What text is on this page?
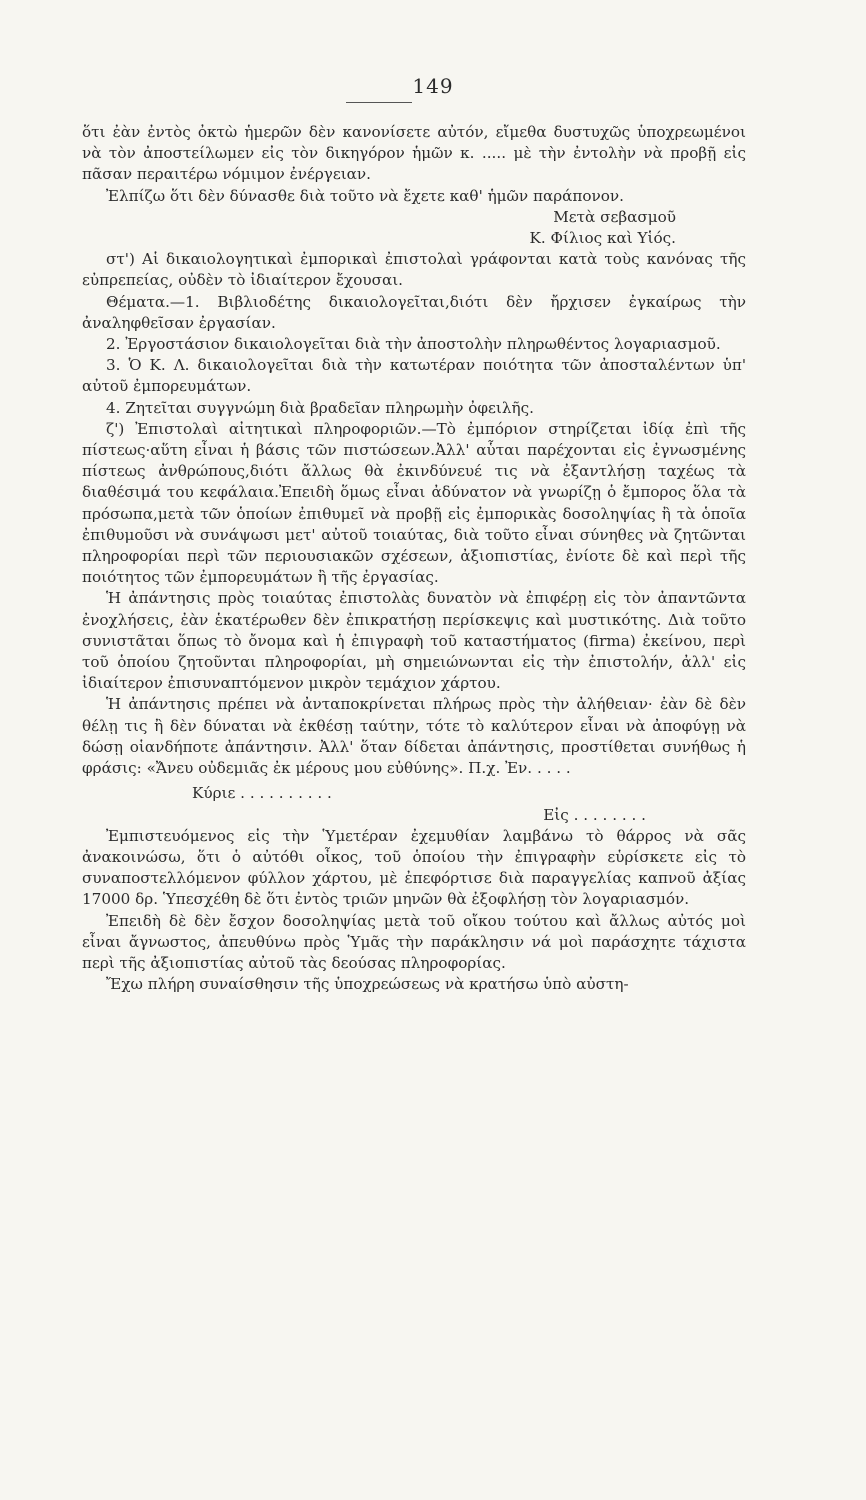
149

ὅτι ἐὰν ἐντὸς ὀκτὼ ἡμερῶν δὲν κανονίσετε αὐτόν, εἴμεθα δυστυχῶς ὑποχρεωμένοι νὰ τὸν ἀποστείλωμεν εἰς τὸν δικηγόρον ἡμῶν κ. ..... μὲ τὴν ἐντολὴν νὰ προβῇ εἰς πᾶσαν περαιτέρω νόμιμον ἐνέργειαν.

Ἐλπίζω ὅτι δὲν δύνασθε διὰ τοῦτο νὰ ἔχετε καθ' ἡμῶν παράπονον.

Μετὰ σεβασμοῦ

Κ. Φίλιος καὶ Υἱός.

στ') Αἱ δικαιολογητικαὶ ἐμπορικαὶ ἐπιστολαὶ γράφονται κατὰ τοὺς κανόνας τῆς εὐπρεπείας, οὐδὲν τὸ ἰδιαίτερον ἔχουσαι.

Θέματα.—1. Βιβλιοδέτης δικαιολογεῖται,διότι δὲν ἤρχισεν ἐγκαίρως τὴν ἀναληφθεῖσαν ἐργασίαν.

2. Ἐργοστάσιον δικαιολογεῖται διὰ τὴν ἀποστολὴν πληρωθέντος λογαριασμοῦ.

3. Ὁ Κ. Λ. δικαιολογεῖται διὰ τὴν κατωτέραν ποιότητα τῶν ἀποσταλέντων ὑπ' αὐτοῦ ἐμπορευμάτων.

4. Ζητεῖται συγγνώμη διὰ βραδεῖαν πληρωμὴν ὀφειλῆς.

ζ') Ἐπιστολαὶ αἰτητικαὶ πληροφοριῶν.—Τὸ ἐμπόριον στηρίζεται ἰδίᾳ ἐπὶ τῆς πίστεως·αὕτη εἶναι ἡ βάσις τῶν πιστώσεων.Ἀλλ' αὗται παρέχονται εἰς ἐγνωσμένης πίστεως ἀνθρώπους,διότι ἄλλως θὰ ἐκινδύνευέ τις νὰ ἐξαντλήσῃ ταχέως τὰ διαθέσιμά του κεφάλαια.Ἐπειδὴ ὅμως εἶναι ἀδύνατον νὰ γνωρίζῃ ὁ ἔμπορος ὅλα τὰ πρόσωπα,μετὰ τῶν ὁποίων ἐπιθυμεῖ νὰ προβῇ εἰς ἐμπορικὰς δοσοληψίας ἢ τὰ ὁποῖα ἐπιθυμοῦσι νὰ συνάψωσι μετ' αὐτοῦ τοιαύτας, διὰ τοῦτο εἶναι σύνηθες νὰ ζητῶνται πληροφορίαι περὶ τῶν περιουσιακῶν σχέσεων, ἀξιοπιστίας, ἐνίοτε δὲ καὶ περὶ τῆς ποιότητος τῶν ἐμπορευμάτων ἢ τῆς ἐργασίας.

Ἡ ἀπάντησις πρὸς τοιαύτας ἐπιστολὰς δυνατὸν νὰ ἐπιφέρῃ εἰς τὸν ἀπαντῶντα ἐνοχλήσεις, ἐὰν ἑκατέρωθεν δὲν ἐπικρατήσῃ περίσκεψις καὶ μυστικότης. Διὰ τοῦτο συνιστᾶται ὅπως τὸ ὄνομα καὶ ἡ ἐπιγραφὴ τοῦ καταστήματος (firma) ἐκείνου, περὶ τοῦ ὁποίου ζητοῦνται πληροφορίαι, μὴ σημειώνωνται εἰς τὴν ἐπιστολήν, ἀλλ' εἰς ἰδιαίτερον ἐπισυναπτόμενον μικρὸν τεμάχιον χάρτου.

Ἡ ἀπάντησις πρέπει νὰ ἀνταποκρίνεται πλήρως πρὸς τὴν ἀλήθειαν· ἐὰν δὲ δὲν θέλῃ τις ἢ δὲν δύναται νὰ ἐκθέσῃ ταύτην, τότε τὸ καλύτερον εἶναι νὰ ἀποφύγῃ νὰ δώσῃ οἱανδήποτε ἀπάντησιν. Ἀλλ' ὅταν δίδεται ἀπάντησις, προστίθεται συνήθως ἡ φράσις: «Ἄνευ οὐδεμιᾶς ἐκ μέρους μου εὐθύνης». Π.χ. Ἐν. . . . .

Κύριε . . . . . . . . . .

Εἰς . . . . . . . .

Ἐμπιστευόμενος εἰς τὴν Ὑμετέραν ἐχεμυθίαν λαμβάνω τὸ θάρρος νὰ σᾶς ἀνακοινώσω, ὅτι ὁ αὐτόθι οἶκος, τοῦ ὁποίου τὴν ἐπιγραφὴν εὑρίσκετε εἰς τὸ συναποστελλόμενον φύλλον χάρτου, μὲ ἐπεφόρτισε διὰ παραγγελίας καπνοῦ ἀξίας 17000 δρ. Ὑπεσχέθη δὲ ὅτι ἐντὸς τριῶν μηνῶν θὰ ἐξοφλήσῃ τὸν λογαριασμόν.

Ἐπειδὴ δὲ δὲν ἔσχον δοσοληψίας μετὰ τοῦ οἴκου τούτου καὶ ἄλλως αὐτός μοὶ εἶναι ἄγνωστος, ἀπευθύνω πρὸς Ὑμᾶς τὴν παράκλησιν νά μοὶ παράσχητε τάχιστα περὶ τῆς ἀξιοπιστίας αὐτοῦ τὰς δεούσας πληροφορίας.

Ἔχω πλήρη συναίσθησιν τῆς ὑποχρεώσεως νὰ κρατήσω ὑπὸ αὐστη-
